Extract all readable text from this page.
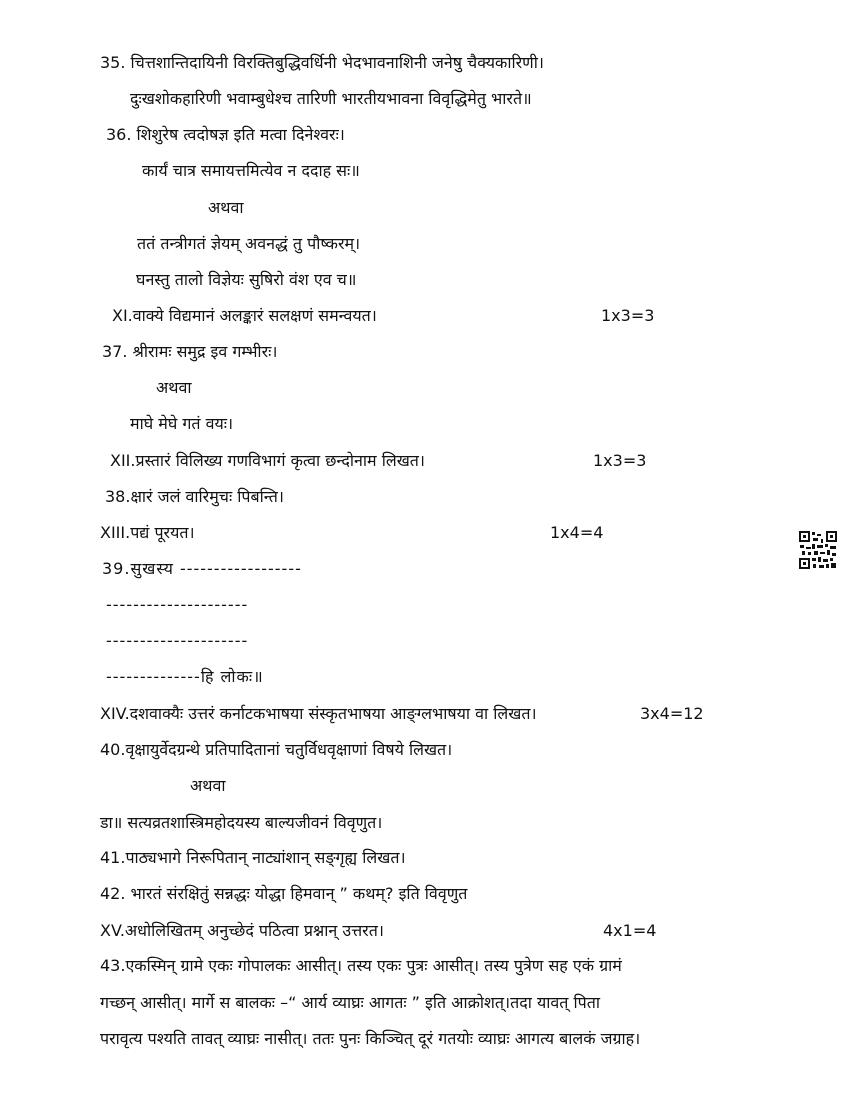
35. चित्तशान्तिदायिनी विरक्तिबुद्धिवर्धिनी भेदभावनाशिनी जनेषु चैक्यकारिणी।
दुःखशोकहारिणी भवाम्बुधेश्च तारिणी भारतीयभावना विवृद्धिमेतु भारते॥
36. शिशुरेष त्वदोषज्ञ इति मत्वा दिनेश्वरः।
कार्यं चात्र समायत्तमित्येव न ददाह सः॥
अथवा
ततं तन्त्रीगतं ज्ञेयम् अवनद्धं तु पौष्करम्।
घनस्तु तालो विज्ञेयः सुषिरो वंश एव च॥
XI.वाक्ये विद्यमानं अलङ्कारं सलक्षणं समन्वयत।	1x3=3
37. श्रीरामः समुद्र इव गम्भीरः।
अथवा
माघे मेघे गतं वयः।
XII.प्रस्तारं विलिख्य गणविभागं कृत्वा छन्दोनाम लिखत।	1x3=3
38.क्षारं जलं वारिमुचः पिबन्ति।
XIII.पद्यं पूरयत।	1x4=4
39.सुखस्य ------------------
---------------------
---------------------
--------------हि लोकः॥
XIV.दशवाक्यैः उत्तरं कर्नाटकभाषया संस्कृतभाषया आङ्ग्लभाषया वा लिखत।	3x4=12
40.वृक्षायुर्वेदग्रन्थे प्रतिपादितानां चतुर्विधवृक्षाणां विषये लिखत।
अथवा
डा॥ सत्यव्रतशास्त्रिमहोदयस्य बाल्यजीवनं विवृणुत।
41.पाठ्यभागे निरूपितान् नाट्यांशान् सङ्गृह्य लिखत।
42. भारतं संरक्षितुं सन्नद्धः योद्धा हिमवान् ” कथम्? इति विवृणुत
XV.अधोलिखितम् अनुच्छेदं पठित्वा प्रश्नान् उत्तरत।	4x1=4
43.एकस्मिन् ग्रामे एकः गोपालकः आसीत्। तस्य एकः पुत्रः आसीत्। तस्य पुत्रेण सह एकं ग्रामं
गच्छन् आसीत्। मार्गे स बालकः –“ आर्य व्याघ्रः आगतः ” इति आक्रोशत्।तदा यावत् पिता
परावृत्य पश्यति तावत् व्याघ्रः नासीत्। ततः पुनः किञ्चित् दूरं गतयोः व्याघ्रः आगत्य बालकं जग्राह।
